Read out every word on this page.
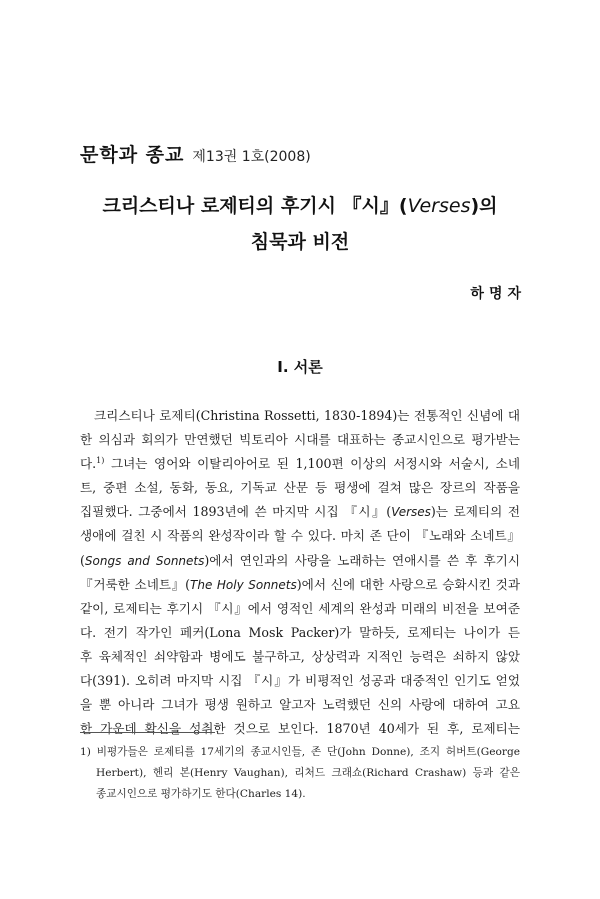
문학과 종교 제13권 1호(2008)
크리스티나 로제티의 후기시 『시』(Verses)의
침묵과 비전
하명자
I. 서론
크리스티나 로제티(Christina Rossetti, 1830-1894)는 전통적인 신념에 대
한 의심과 회의가 만연했던 빅토리아 시대를 대표하는 종교시인으로 평가받는
다.$^{1)}$ 그녀는 영어와 이탈리아어로 된 1,100편 이상의 서정시와 서술시, 소네
트, 중편 소설, 동화, 동요, 기독교 산문 등 평생에 걸쳐 많은 장르의 작품을
집필했다. 그중에서 1893년에 쓴 마지막 시집 『시』(Verses)는 로제티의 전
생애에 걸친 시 작품의 완성작이라 할 수 있다. 마치 존 단이 『노래와 소네트』
(Songs and Sonnets)에서 연인과의 사랑을 노래하는 연애시를 쓴 후 후기시
『거룩한 소네트』(The Holy Sonnets)에서 신에 대한 사랑으로 승화시킨 것과
같이, 로제티는 후기시 『시』에서 영적인 세계의 완성과 미래의 비전을 보여준
다. 전기 작가인 페커(Lona Mosk Packer)가 말하듯, 로제티는 나이가 든
후 육체적인 쇠약함과 병에도 불구하고, 상상력과 지적인 능력은 쇠하지 않았
다(391). 오히려 마지막 시집 『시』가 비평적인 성공과 대중적인 인기도 얻었
을 뿐 아니라 그녀가 평생 원하고 알고자 노력했던 신의 사랑에 대하여 고요
한 가운데 확신을 성취한 것으로 보인다. 1870년 40세가 된 후, 로제티는
1) 비평가들은 로제티를 17세기의 종교시인들, 존 단(John Donne), 조지 허버트(George
Herbert), 헨리 본(Henry Vaughan), 리처드 크래쇼(Richard Crashaw) 등과 같은
종교시인으로 평가하기도 한다(Charles 14).
